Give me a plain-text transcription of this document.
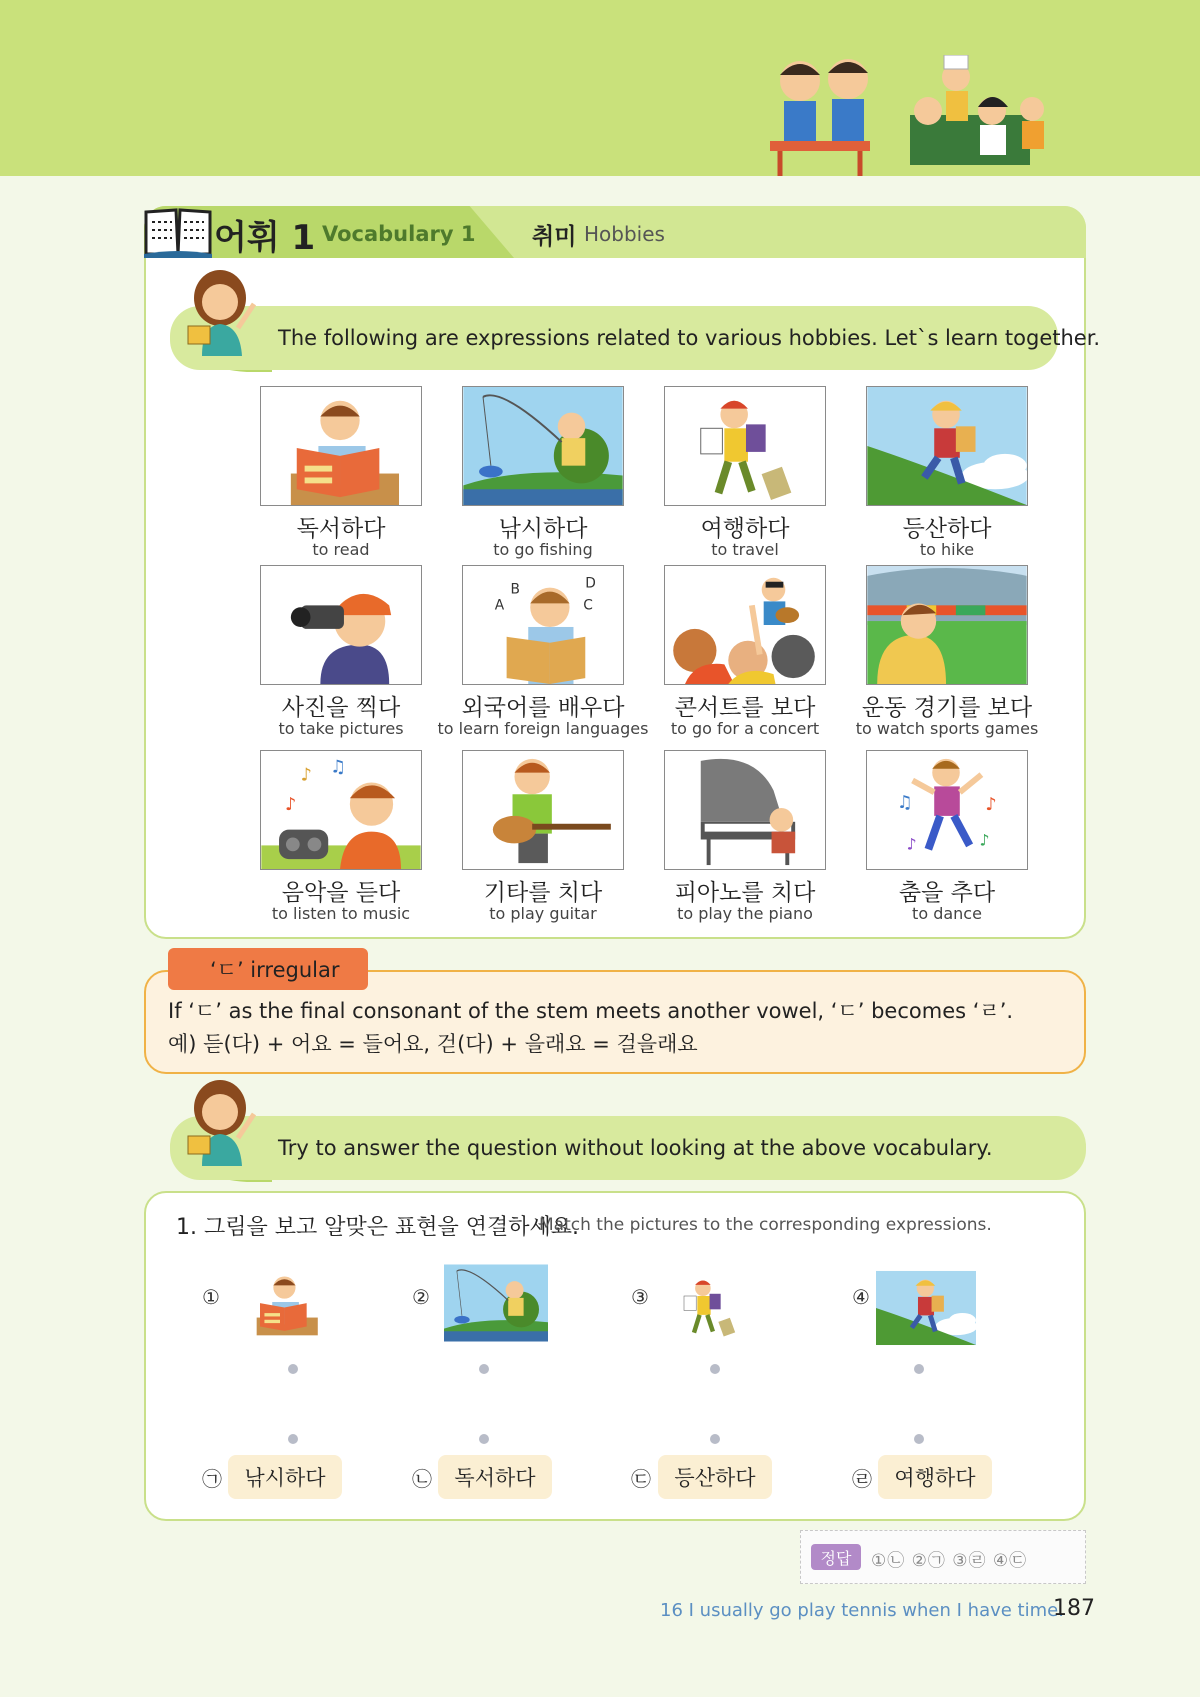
어휘 1 Vocabulary 1 취미 Hobbies
The following are expressions related to various hobbies. Let`s learn together.
독서하다
to read
낚시하다
to go fishing
여행하다
to travel
등산하다
to hike
사진을 찍다
to take pictures
외국어를 배우다
to learn foreign languages
콘서트를 보다
to go for a concert
운동 경기를 보다
to watch sports games
음악을 듣다
to listen to music
기타를 치다
to play guitar
피아노를 치다
to play the piano
춤을 추다
to dance
‘ㄷ’ irregular
If ‘ㄷ’ as the final consonant of the stem meets another vowel, ‘ㄷ’ becomes ‘ㄹ’.
예) 듣(다) + 어요 = 들어요, 걷(다) + 을래요 = 걸을래요
Try to answer the question without looking at the above vocabulary.
1. 그림을 보고 알맞은 표현을 연결하세요.
Match the pictures to the corresponding expressions.
①	②	③	④
㉠	낚시하다	㉡	독서하다	㉢	등산하다	㉣	여행하다
정답	①㉡ ②㉠ ③㉣ ④㉢
16 I usually go play tennis when I have time.
187
